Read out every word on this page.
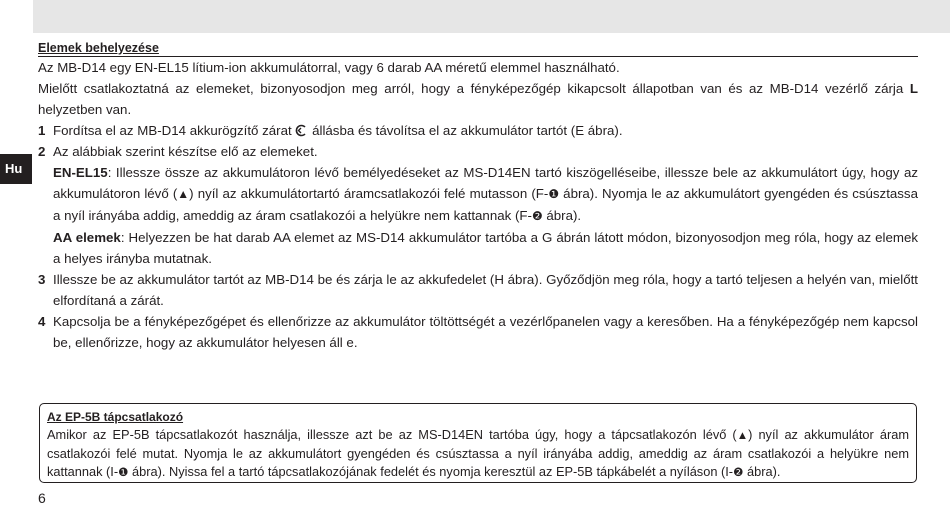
Hu
Elemek behelyezése

Az MB-D14 egy EN-EL15 lítium-ion akkumulátorral, vagy 6 darab AA méretű elemmel használható.

Mielőtt csatlakoztatná az elemeket, bizonyosodjon meg arról, hogy a fényképezőgép kikapcsolt állapotban van és az MB-D14 vezérlő zárja L helyzetben van.

1 Fordítsa el az MB-D14 akkurögzítő zárat állásba és távolítsa el az akkumulátor tartót (E ábra).

2 Az alábbiak szerint készítse elő az elemeket.

EN-EL15: Illessze össze az akkumulátoron lévő bemélyedéseket az MS-D14EN tartó kiszögelléseibe, illessze bele az akkumulátort úgy, hogy az akkumulátoron lévő (▲) nyíl az akkumulátortartó áramcsatlakozói felé mutasson (F-❶ ábra). Nyomja le az akkumulátort gyengéden és csúsztassa a nyíl irányába addig, ameddig az áram csatlakozói a helyükre nem kattannak (F-❷ ábra).

AA elemek: Helyezzen be hat darab AA elemet az MS-D14 akkumulátor tartóba a G ábrán látott módon, bizonyosodjon meg róla, hogy az elemek a helyes irányba mutatnak.

3 Illessze be az akkumulátor tartót az MB-D14 be és zárja le az akkufedelet (H ábra). Győződjön meg róla, hogy a tartó teljesen a helyén van, mielőtt elfordítaná a zárát.

4 Kapcsolja be a fényképezőgépet és ellenőrizze az akkumulátor töltöttségét a vezérlőpanelen vagy a keresőben. Ha a fényképezőgép nem kapcsol be, ellenőrizze, hogy az akkumulátor helyesen áll e.

Az EP-5B tápcsatlakozó

Amikor az EP-5B tápcsatlakozót használja, illessze azt be az MS-D14EN tartóba úgy, hogy a tápcsatlakozón lévő (▲) nyíl az akkumulátor áram csatlakozói felé mutat. Nyomja le az akkumulátort gyengéden és csúsztassa a nyíl irányába addig, ameddig az áram csatlakozói a helyükre nem kattannak (I-❶ ábra). Nyissa fel a tartó tápcsatlakozójának fedelét és nyomja keresztül az EP-5B tápkábelét a nyíláson (I-❷ ábra).

6
